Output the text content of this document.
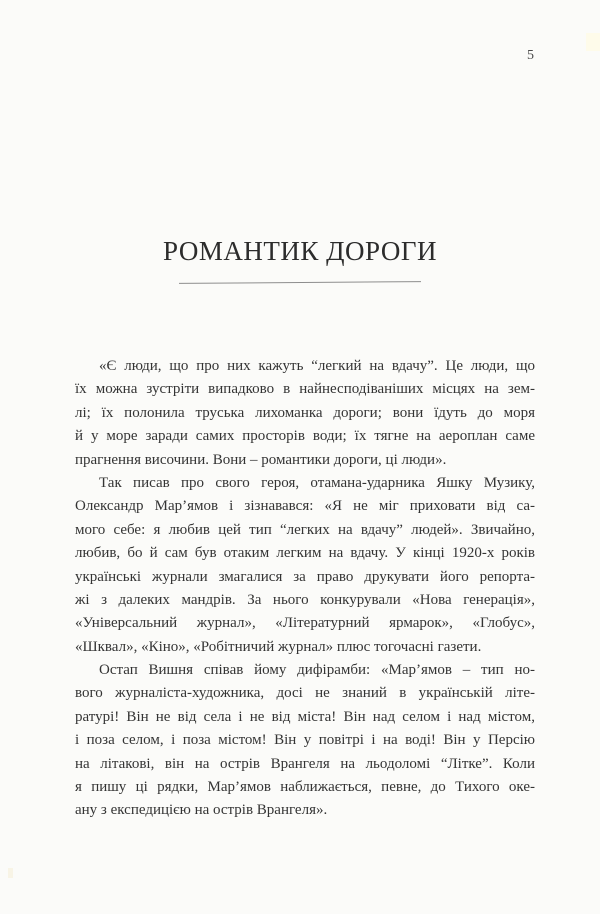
5
РОМАНТИК ДОРОГИ
«Є люди, що про них кажуть “легкий на вдачу”. Це люди, що
їх можна зустріти випадково в найнесподіваніших місцях на зем-
лі; їх полонила труська лихоманка дороги; вони їдуть до моря
й у море заради самих просторів води; їх тягне на аероплан саме
прагнення височини. Вони – романтики дороги, ці люди».
Так писав про свого героя, отамана-ударника Яшку Музику,
Олександр Мар’ямов і зізнавався: «Я не міг приховати від са-
мого себе: я любив цей тип “легких на вдачу” людей». Звичайно,
любив, бо й сам був отаким легким на вдачу. У кінці 1920-х років
українські журнали змагалися за право друкувати його репорта-
жі з далеких мандрів. За нього конкурували «Нова генерація»,
«Універсальний журнал», «Літературний ярмарок», «Глобус»,
«Шквал», «Кіно», «Робітничий журнал» плюс тогочасні газети.
Остап Вишня співав йому дифірамби: «Мар’ямов – тип но-
вого журналіста-художника, досі не знаний в українській літе-
ратурі! Він не від села і не від міста! Він над селом і над містом,
і поза селом, і поза містом! Він у повітрі і на воді! Він у Персію
на літакові, він на острів Врангеля на льодоломі “Літке”. Коли
я пишу ці рядки, Мар’ямов наближається, певне, до Тихого оке-
ану з експедицією на острів Врангеля».
